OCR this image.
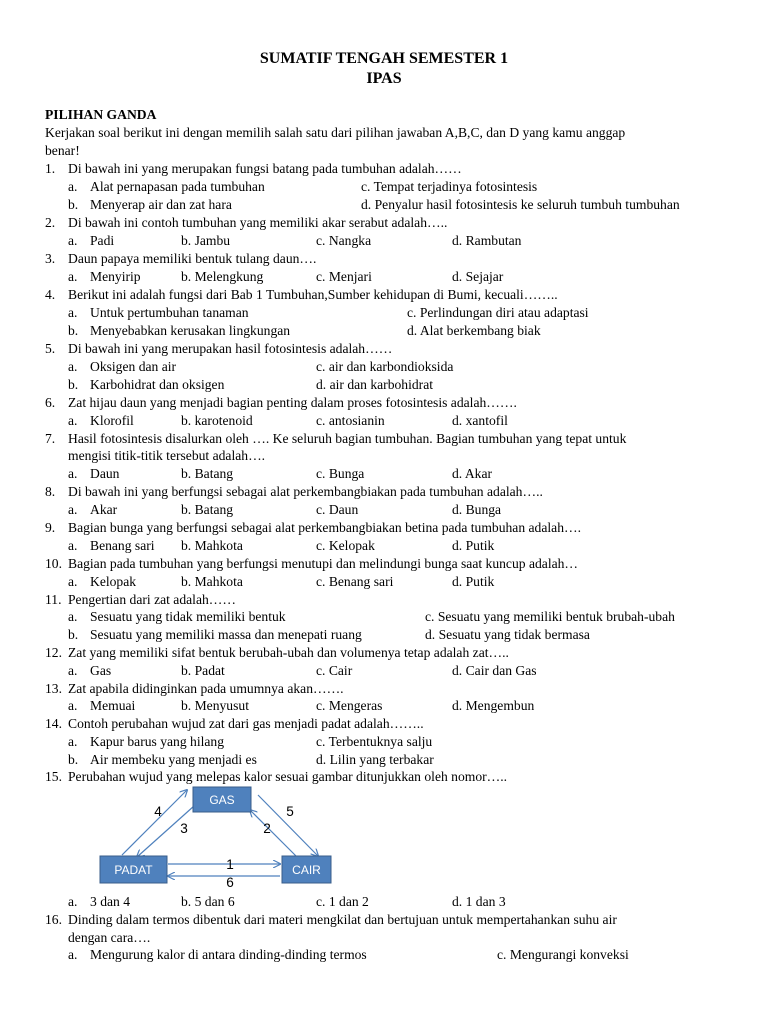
SUMATIF TENGAH SEMESTER 1
IPAS
PILIHAN GANDA
Kerjakan soal berikut ini dengan memilih salah satu dari pilihan jawaban A,B,C, dan D yang kamu anggap
benar!
1. Di bawah ini yang merupakan fungsi batang pada tumbuhan adalah……
a. Alat pernapasan pada tumbuhan	c. Tempat terjadinya fotosintesis
b. Menyerap air dan zat hara	d. Penyalur hasil fotosintesis ke seluruh tumbuh tumbuhan
2. Di bawah ini contoh tumbuhan yang memiliki akar serabut adalah…..
a. Padi	b. Jambu	c. Nangka	d. Rambutan
3. Daun papaya memiliki bentuk tulang daun….
a. Menyirip	b. Melengkung	c. Menjari	d. Sejajar
4. Berikut ini adalah fungsi dari Bab 1 Tumbuhan,Sumber kehidupan di Bumi, kecuali……..
a. Untuk pertumbuhan tanaman	c. Perlindungan diri atau adaptasi
b. Menyebabkan kerusakan lingkungan	d. Alat berkembang biak
5. Di bawah ini yang merupakan hasil fotosintesis adalah……
a. Oksigen dan air	c. air dan karbondioksida
b. Karbohidrat dan oksigen	d. air dan karbohidrat
6. Zat hijau daun yang menjadi bagian penting dalam proses fotosintesis adalah…….
a. Klorofil	b. karotenoid	c. antosianin	d. xantofil
7. Hasil fotosintesis disalurkan oleh …. Ke seluruh bagian tumbuhan. Bagian tumbuhan yang tepat untuk
mengisi titik-titik tersebut adalah….
a. Daun	b. Batang	c. Bunga	d. Akar
8. Di bawah ini yang berfungsi sebagai alat perkembangbiakan pada tumbuhan adalah…..
a. Akar	b. Batang	c. Daun	d. Bunga
9. Bagian bunga yang berfungsi sebagai alat perkembangbiakan betina pada tumbuhan adalah….
a. Benang sari b. Mahkota	c. Kelopak	d. Putik
10. Bagian pada tumbuhan yang berfungsi menutupi dan melindungi bunga saat kuncup adalah…
a. Kelopak	b. Mahkota	c. Benang sari	d. Putik
11. Pengertian dari zat adalah……
a. Sesuatu yang tidak memiliki bentuk	c. Sesuatu yang memiliki bentuk brubah-ubah
b. Sesuatu yang memiliki massa dan menepati ruang	d. Sesuatu yang tidak bermasa
12. Zat yang memiliki sifat bentuk berubah-ubah dan volumenya tetap adalah zat…..
a. Gas	b. Padat	c. Cair	d. Cair dan Gas
13. Zat apabila didinginkan pada umumnya akan…….
a. Memuai	b. Menyusut	c. Mengeras	d. Mengembun
14. Contoh perubahan wujud zat dari gas menjadi padat adalah……..
a. Kapur barus yang hilang	c. Terbentuknya salju
b. Air membeku yang menjadi es	d. Lilin yang terbakar
15. Perubahan wujud yang melepas kalor sesuai gambar ditunjukkan oleh nomor…..
GAS
PADAT	CAIR
4
3
5
2
1
6
a. 3 dan 4	b. 5 dan 6	c. 1 dan 2	d. 1 dan 3
16. Dinding dalam termos dibentuk dari materi mengkilat dan bertujuan untuk mempertahankan suhu air
dengan cara….
a. Mengurung kalor di antara dinding-dinding termos	c. Mengurangi konveksi
